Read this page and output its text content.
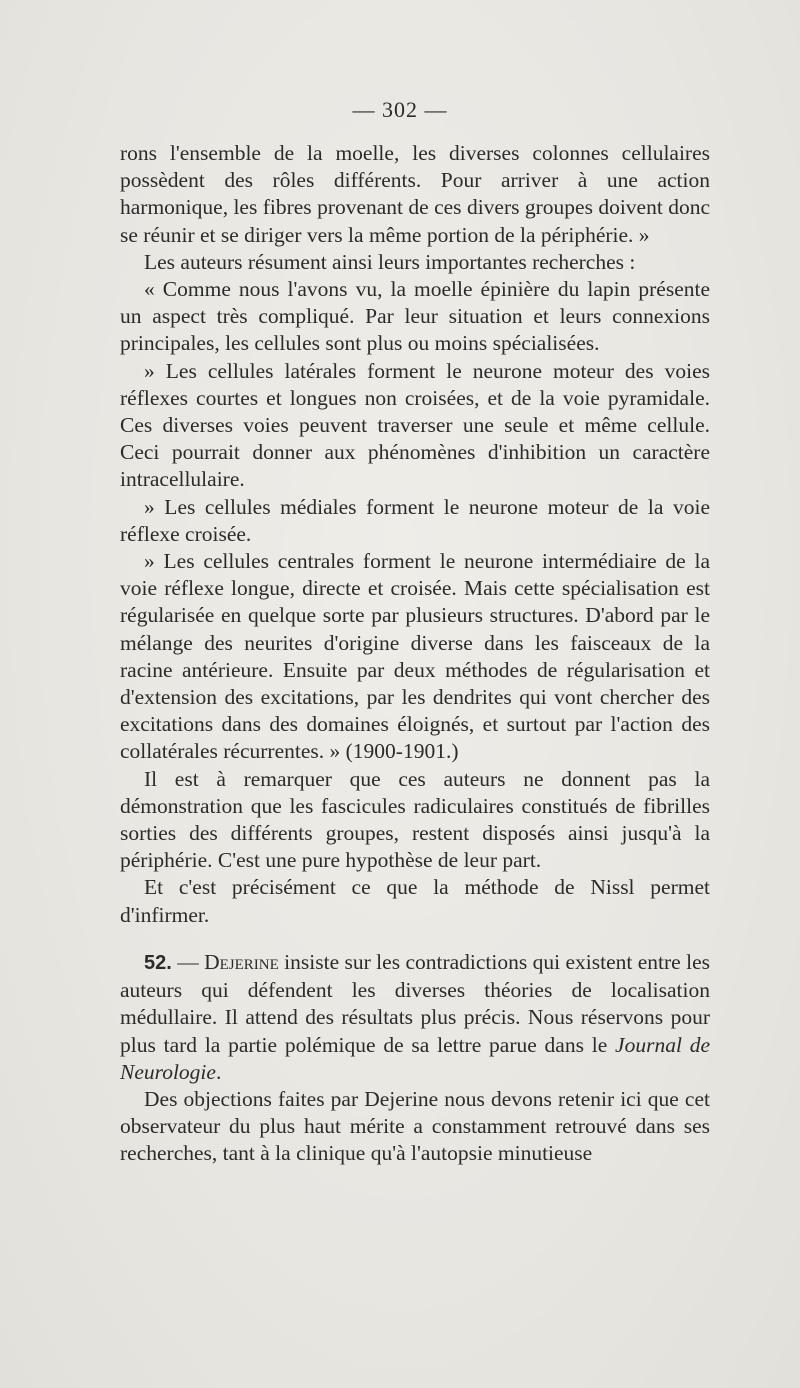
— 302 —

rons l'ensemble de la moelle, les diverses colonnes cellulaires possèdent des rôles différents. Pour arriver à une action harmonique, les fibres provenant de ces divers groupes doivent donc se réunir et se diriger vers la même portion de la périphérie. »

Les auteurs résument ainsi leurs importantes recherches :

« Comme nous l'avons vu, la moelle épinière du lapin présente un aspect très compliqué. Par leur situation et leurs connexions principales, les cellules sont plus ou moins spécialisées.

» Les cellules latérales forment le neurone moteur des voies réflexes courtes et longues non croisées, et de la voie pyramidale. Ces diverses voies peuvent traverser une seule et même cellule. Ceci pourrait donner aux phénomènes d'inhibition un caractère intracellulaire.

» Les cellules médiales forment le neurone moteur de la voie réflexe croisée.

» Les cellules centrales forment le neurone intermédiaire de la voie réflexe longue, directe et croisée. Mais cette spécialisation est régularisée en quelque sorte par plusieurs structures. D'abord par le mélange des neurites d'origine diverse dans les faisceaux de la racine antérieure. Ensuite par deux méthodes de régularisation et d'extension des excitations, par les dendrites qui vont chercher des excitations dans des domaines éloignés, et surtout par l'action des collatérales récurrentes. » (1900-1901.)

Il est à remarquer que ces auteurs ne donnent pas la démonstration que les fascicules radiculaires constitués de fibrilles sorties des différents groupes, restent disposés ainsi jusqu'à la périphérie. C'est une pure hypothèse de leur part.

Et c'est précisément ce que la méthode de Nissl permet d'infirmer.

52. — Dejerine insiste sur les contradictions qui existent entre les auteurs qui défendent les diverses théories de localisation médullaire. Il attend des résultats plus précis. Nous réservons pour plus tard la partie polémique de sa lettre parue dans le Journal de Neurologie.

Des objections faites par Dejerine nous devons retenir ici que cet observateur du plus haut mérite a constamment retrouvé dans ses recherches, tant à la clinique qu'à l'autopsie minutieuse
